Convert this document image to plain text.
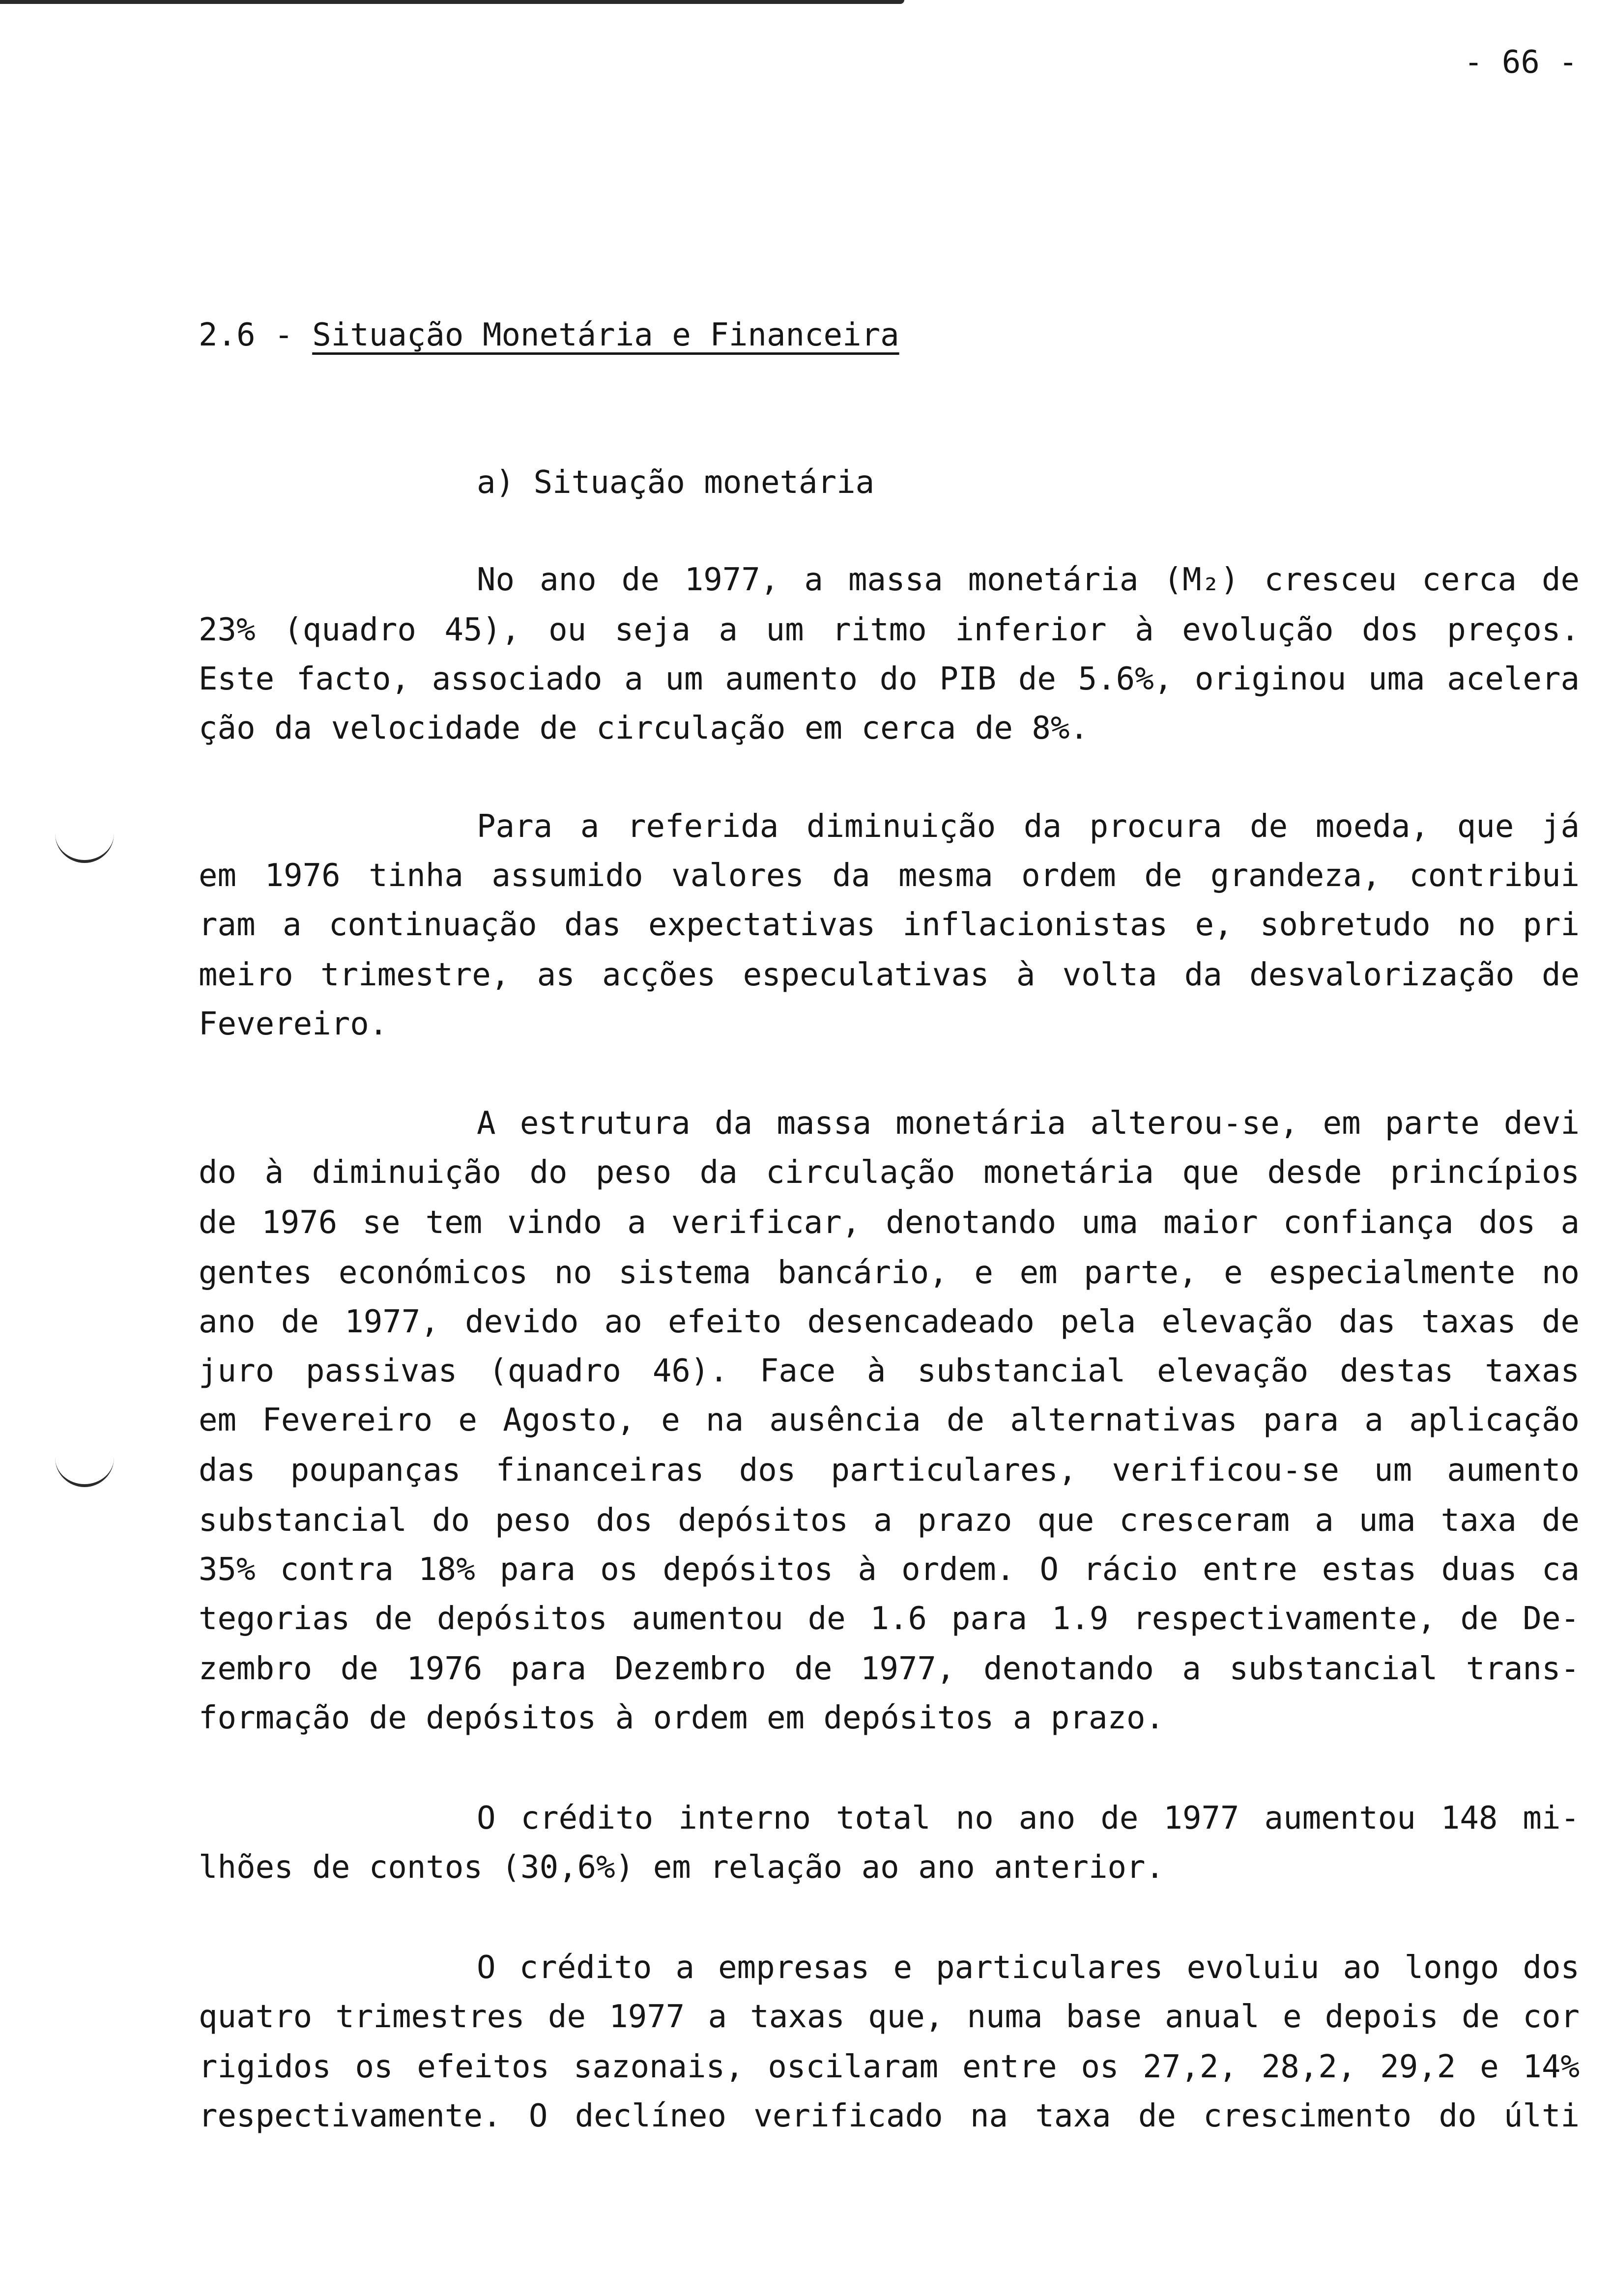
- 66 -
2.6 - Situação Monetária e Financeira
a) Situação monetária
No ano de 1977, a massa monetária (M₂) cresceu cerca de
23% (quadro 45), ou seja a um ritmo inferior à evolução dos preços.
Este facto, associado a um aumento do PIB de 5.6%, originou uma acelera
ção da velocidade de circulação em cerca de 8%.
Para a referida diminuição da procura de moeda, que já
em 1976 tinha assumido valores da mesma ordem de grandeza, contribui
ram a continuação das expectativas inflacionistas e, sobretudo no pri
meiro trimestre, as acções especulativas à volta da desvalorização de
Fevereiro.
A estrutura da massa monetária alterou-se, em parte devi
do à diminuição do peso da circulação monetária que desde princípios
de 1976 se tem vindo a verificar, denotando uma maior confiança dos a
gentes económicos no sistema bancário, e em parte, e especialmente no
ano de 1977, devido ao efeito desencadeado pela elevação das taxas de
juro passivas (quadro 46). Face à substancial elevação destas taxas
em Fevereiro e Agosto, e na ausência de alternativas para a aplicação
das poupanças financeiras dos particulares, verificou-se um aumento
substancial do peso dos depósitos a prazo que cresceram a uma taxa de
35% contra 18% para os depósitos à ordem. O rácio entre estas duas ca
tegorias de depósitos aumentou de 1.6 para 1.9 respectivamente, de De-
zembro de 1976 para Dezembro de 1977, denotando a substancial trans-
formação de depósitos à ordem em depósitos a prazo.
O crédito interno total no ano de 1977 aumentou 148 mi-
lhões de contos (30,6%) em relação ao ano anterior.
O crédito a empresas e particulares evoluiu ao longo dos
quatro trimestres de 1977 a taxas que, numa base anual e depois de cor
rigidos os efeitos sazonais, oscilaram entre os 27,2, 28,2, 29,2 e 14%
respectivamente. O declíneo verificado na taxa de crescimento do últi
